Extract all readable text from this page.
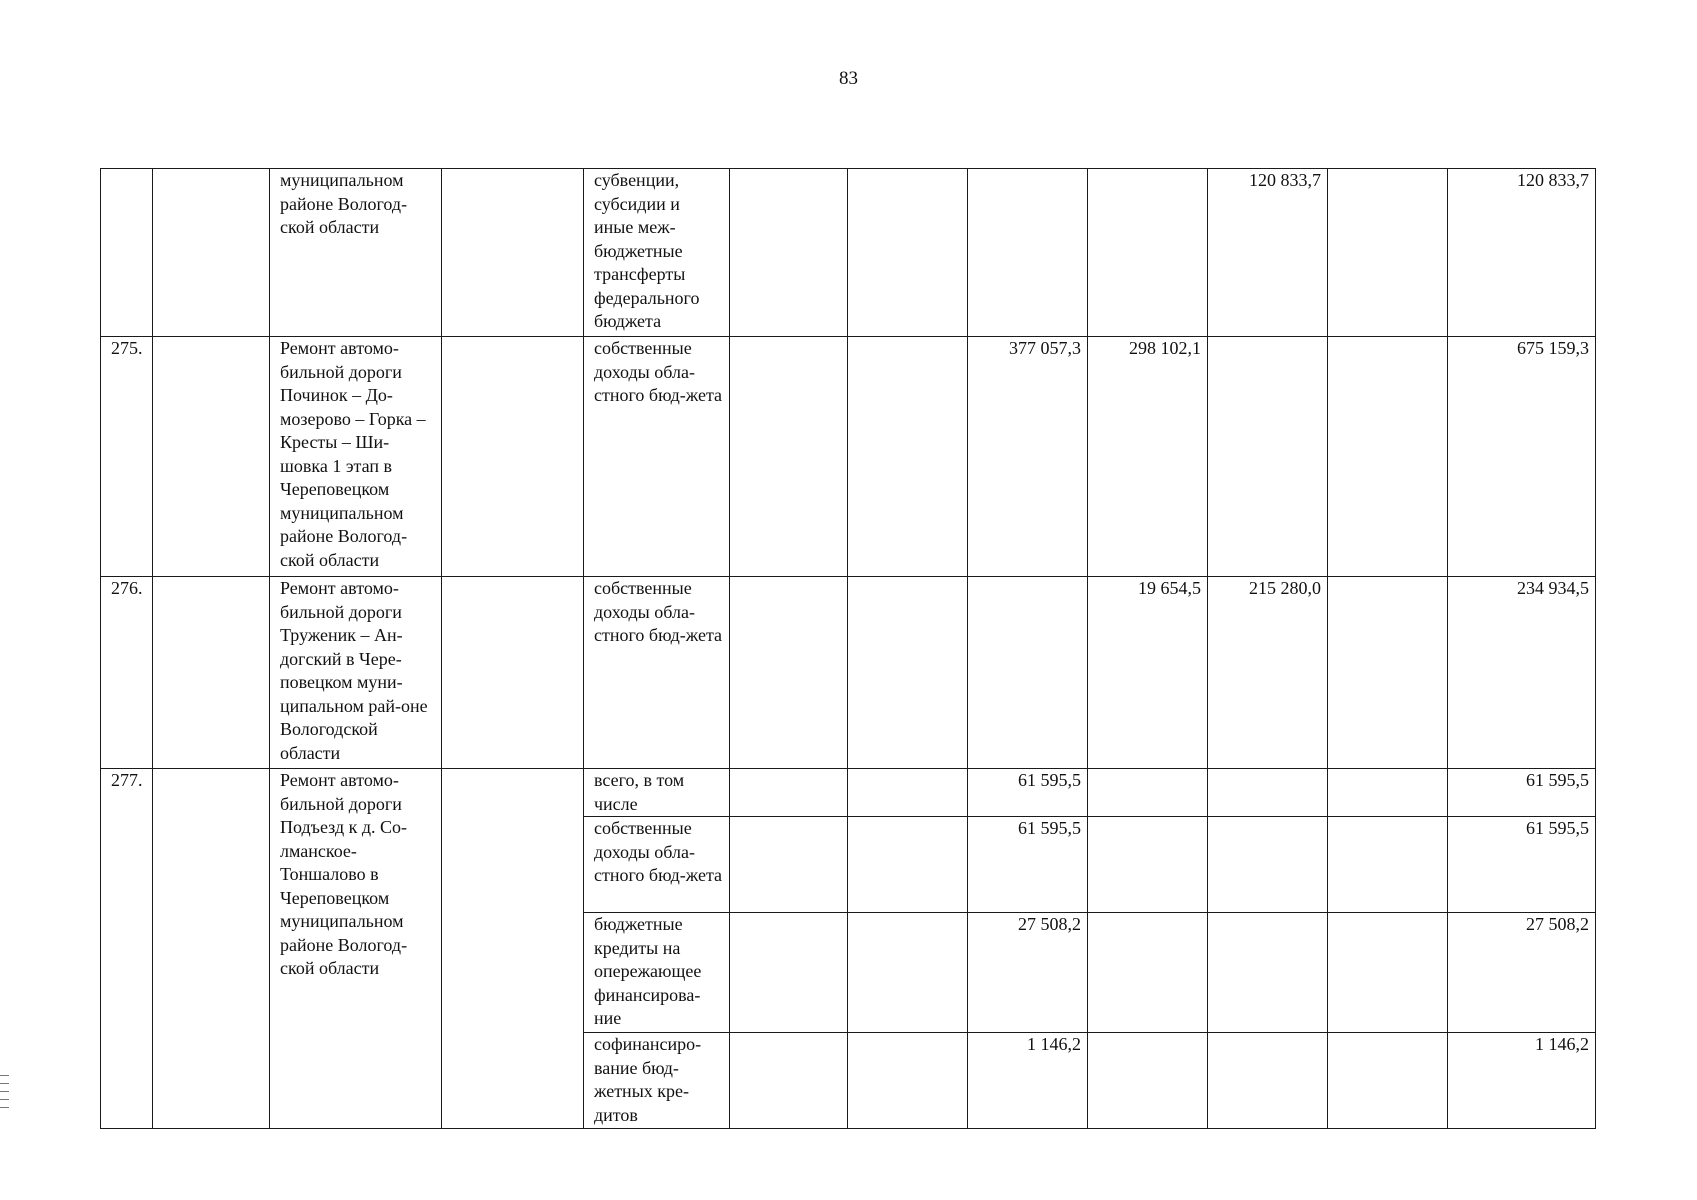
83
		муниципальном районе Вологод-ской области		субвенции, субсидии и иные меж-бюджетные трансферты федерального бюджета					120 833,7		120 833,7
275.		Ремонт автомо-бильной дороги Починок – До-мозерово – Горка – Кресты – Ши-шовка 1 этап в Череповецком муниципальном районе Вологод-ской области		собственные доходы обла-стного бюд-жета			377 057,3	298 102,1			675 159,3
276.		Ремонт автомо-бильной дороги Труженик – Ан-догский в Чере-повецком муни-ципальном рай-оне Вологодской области		собственные доходы обла-стного бюд-жета				19 654,5	215 280,0		234 934,5
277.		Ремонт автомо-бильной дороги Подъезд к д. Со-лманское-Тоншалово в Череповецком муниципальном районе Вологод-ской области		всего, в том числе			61 595,5				61 595,5
				собственные доходы обла-стного бюд-жета			61 595,5				61 595,5
				бюджетные кредиты на опережающее финансирова-ние			27 508,2				27 508,2
				софинансиро-вание бюд-жетных кре-дитов			1 146,2				1 146,2
